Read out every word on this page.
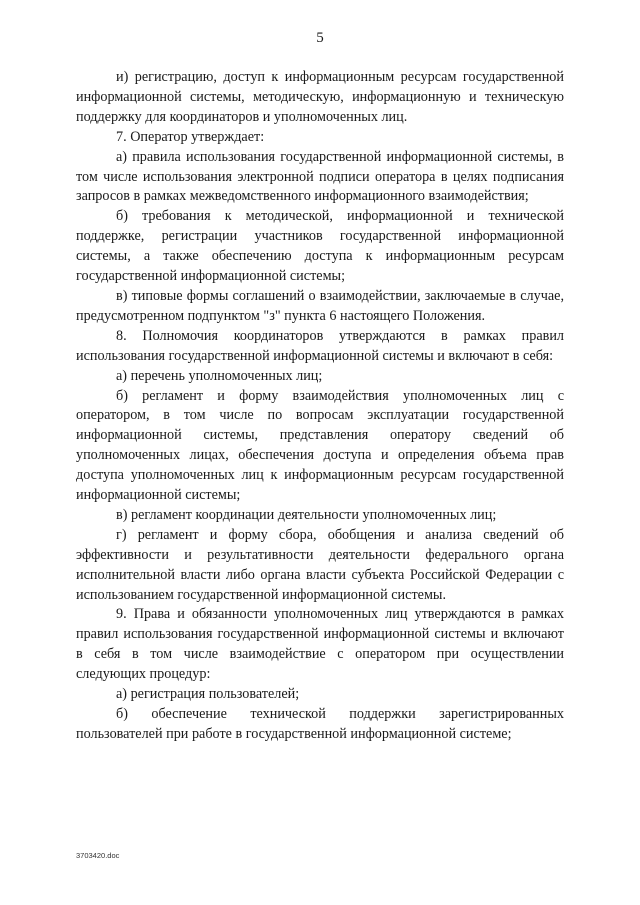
5

и) регистрацию, доступ к информационным ресурсам государственной информационной системы, методическую, информационную и техническую поддержку для координаторов и уполномоченных лиц.

7. Оператор утверждает:

а) правила использования государственной информационной системы, в том числе использования электронной подписи оператора в целях подписания запросов в рамках межведомственного информационного взаимодействия;

б) требования к методической, информационной и технической поддержке, регистрации участников государственной информационной системы, а также обеспечению доступа к информационным ресурсам государственной информационной системы;

в) типовые формы соглашений о взаимодействии, заключаемые в случае, предусмотренном подпунктом "з" пункта 6 настоящего Положения.

8. Полномочия координаторов утверждаются в рамках правил использования государственной информационной системы и включают в себя:

а) перечень уполномоченных лиц;

б) регламент и форму взаимодействия уполномоченных лиц с оператором, в том числе по вопросам эксплуатации государственной информационной системы, представления оператору сведений об уполномоченных лицах, обеспечения доступа и определения объема прав доступа уполномоченных лиц к информационным ресурсам государственной информационной системы;

в) регламент координации деятельности уполномоченных лиц;

г) регламент и форму сбора, обобщения и анализа сведений об эффективности и результативности деятельности федерального органа исполнительной власти либо органа власти субъекта Российской Федерации с использованием государственной информационной системы.

9. Права и обязанности уполномоченных лиц утверждаются в рамках правил использования государственной информационной системы и включают в себя в том числе взаимодействие с оператором при осуществлении следующих процедур:

а) регистрация пользователей;

б) обеспечение технической поддержки зарегистрированных пользователей при работе в государственной информационной системе;

3703420.doc
